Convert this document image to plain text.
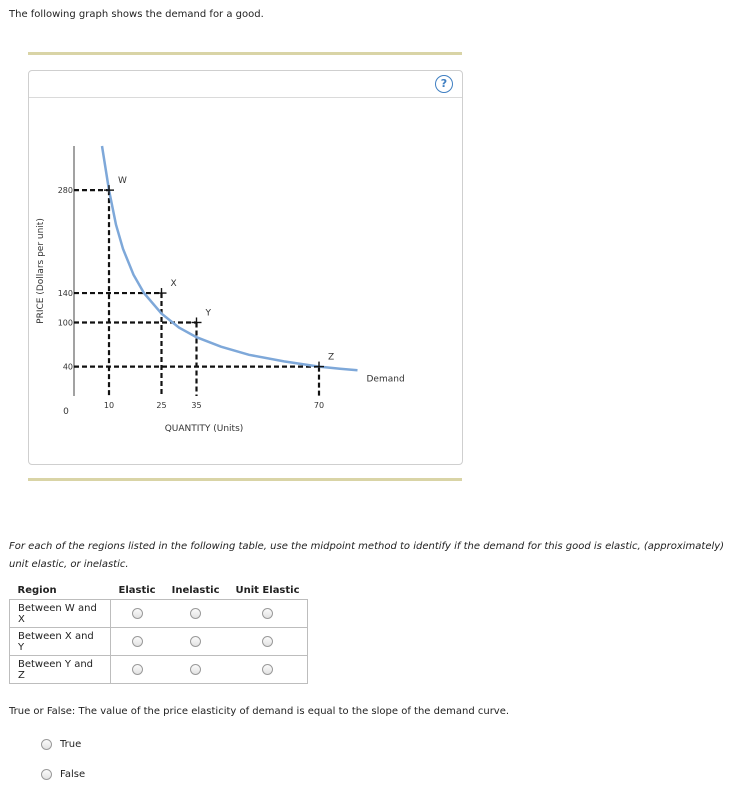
The following graph shows the demand for a good.
?
PRICE (Dollars per unit)
QUANTITY (Units)
0
Demand
W
X
Y
Z
280
140
100
40
10	25	35	70
For each of the regions listed in the following table, use the midpoint method to identify if the demand for this good is elastic, (approximately) unit elastic, or inelastic.
Region	Elastic	Inelastic	Unit Elastic
Between W and X			
Between X and Y			
Between Y and Z			
True or False: The value of the price elasticity of demand is equal to the slope of the demand curve.
True
False
